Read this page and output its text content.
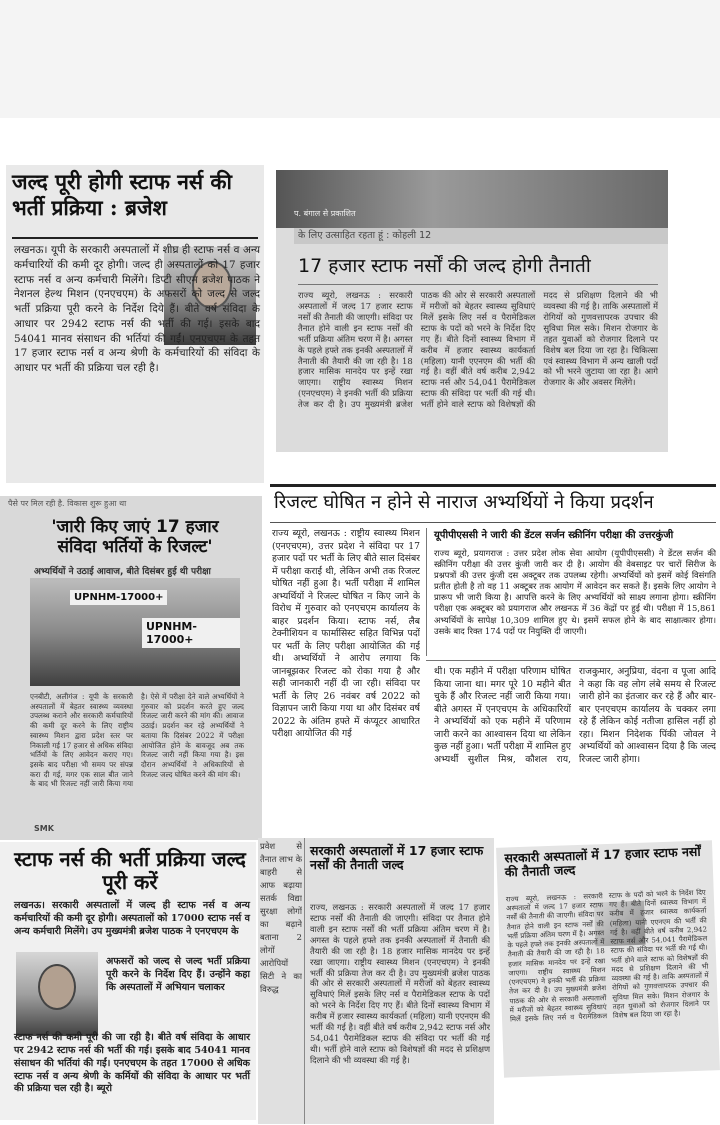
जल्द पूरी होगी स्टाफ नर्स की भर्ती प्रक्रिया : ब्रजेश

लखनऊ। यूपी के सरकारी अस्पतालों में शीघ्र ही स्टाफ नर्स व अन्य कर्मचारियों की कमी दूर होगी। जल्द ही अस्पतालों को 17 हजार स्टाफ नर्स व अन्य कर्मचारी मिलेंगे। डिप्टी सीएम ब्रजेश पाठक ने नेशनल हेल्थ मिशन (एनएचएम) के अफसरों को जल्द से जल्द भर्ती प्रक्रिया पूरी करने के निर्देश दिये हैं। बीते वर्ष संविदा के आधार पर 2942 स्टाफ नर्स की भर्ती की गई। इसके बाद 54041 मानव संसाधन की भर्तियां की गईं। एनएचएम के तहत 17 हजार स्टाफ नर्स व अन्य श्रेणी के कर्मचारियों की संविदा के आधार पर भर्ती की प्रक्रिया चल रही है।

प. बंगाल से प्रकाशित
के लिए उत्साहित रहता हूं : कोहली 12
17 हजार स्टाफ नर्सों की जल्द होगी तैनाती

राज्य ब्यूरो, लखनऊ : सरकारी अस्पतालों में जल्द 17 हजार स्टाफ नर्सों की तैनाती की जाएगी। संविदा पर तैनात होने वाली इन स्टाफ नर्सों की भर्ती प्रक्रिया अंतिम चरण में है। अगस्त के पहले हफ्ते तक इनकी अस्पतालों में तैनाती की तैयारी की जा रही है। 18 हजार मासिक मानदेय पर इन्हें रखा जाएगा। राष्ट्रीय स्वास्थ्य मिशन (एनएचएम) ने इनकी भर्ती की प्रक्रिया तेज कर दी है। उप मुख्यमंत्री ब्रजेश पाठक की ओर से सरकारी अस्पतालों में मरीजों को बेहतर स्वास्थ्य सुविधाएं मिलें इसके लिए नर्स व पैरामेडिकल स्टाफ के पदों को भरने के निर्देश दिए गए हैं। बीते दिनों स्वास्थ्य विभाग में करीब में हजार स्वास्थ्य कार्यकर्ता (महिला) यानी एएनएम की भर्ती की गई है। वहीं बीते वर्ष करीब 2,942 स्टाफ नर्स और 54,041 पैरामेडिकल स्टाफ की संविदा पर भर्ती की गई थी। भर्ती होने वाले स्टाफ को विशेषज्ञों की मदद से प्रशिक्षण दिलाने की भी व्यवस्था की गई है। ताकि अस्पतालों में रोगियों को गुणवत्तापरक उपचार की सुविधा मिल सके। मिशन रोजगार के तहत युवाओं को रोजगार दिलाने पर विशेष बल दिया जा रहा है। चिकित्सा एवं स्वास्थ्य विभाग में अन्य खाली पदों को भी भरने जुटाया जा रहा है। आगे रोजगार के और अवसर मिलेंगे।

पैसे पर मिल रही है. विकास शुरू हुआ था
'जारी किए जाएं 17 हजार संविदा भर्तियों के रिजल्ट'
अभ्यर्थियों ने उठाई आवाज, बीते दिसंबर हुई थी परीक्षा
UPNHM-17000+
UPNHM-17000+

एनबीटी, अलीगंज : यूपी के सरकारी अस्पतालों में बेहतर स्वास्थ्य व्यवस्था उपलब्ध कराने और सरकारी कर्मचारियों की कमी दूर करने के लिए राष्ट्रीय स्वास्थ्य मिशन द्वारा प्रदेश स्तर पर निकाली गई 17 हजार से अधिक संविदा भर्तियों के लिए आवेदन कराए गए। इसके बाद परीक्षा भी समय पर संपन्न करा दी गई, मगर एक साल बीत जाने के बाद भी रिजल्ट नहीं जारी किया गया है। ऐसे में परीक्षा देने वाले अभ्यर्थियों ने गुरुवार को प्रदर्शन करते हुए जल्द रिजल्ट जारी करने की मांग की। आवाज उठाई। प्रदर्शन कर रहे अभ्यर्थियों ने बताया कि दिसंबर 2022 में परीक्षा आयोजित होने के बावजूद अब तक रिजल्ट जारी नहीं किया गया है। इस दौरान अभ्यर्थियों ने अधिकारियों से रिजल्ट जल्द घोषित करने की मांग की।

SMK
रिजल्ट घोषित न होने से नाराज अभ्यर्थियों ने किया प्रदर्शन

राज्य ब्यूरो, लखनऊ : राष्ट्रीय स्वास्थ्य मिशन (एनएचएम), उत्तर प्रदेश ने संविदा पर 17 हजार पदों पर भर्ती के लिए बीते साल दिसंबर में परीक्षा कराई थी, लेकिन अभी तक रिजल्ट घोषित नहीं हुआ है। भर्ती परीक्षा में शामिल अभ्यर्थियों ने रिजल्ट घोषित न किए जाने के विरोध में गुरुवार को एनएचएम कार्यालय के बाहर प्रदर्शन किया। स्टाफ नर्स, लैब टेक्नीशियन व फार्मासिस्ट सहित विभिन्न पदों पर भर्ती के लिए परीक्षा आयोजित की गई थी। अभ्यर्थियों ने आरोप लगाया कि जानबूझकर रिजल्ट को रोका गया है और सही जानकारी नहीं दी जा रही। संविदा पर भर्ती के लिए 26 नवंबर वर्ष 2022 को विज्ञापन जारी किया गया था और दिसंबर वर्ष 2022 के अंतिम हफ्ते में कंप्यूटर आधारित परीक्षा आयोजित की गई

यूपीपीएससी ने जारी की डेंटल सर्जन स्क्रीनिंग परीक्षा की उत्तरकुंजी

राज्य ब्यूरो, प्रयागराज : उत्तर प्रदेश लोक सेवा आयोग (यूपीपीएससी) ने डेंटल सर्जन की स्क्रीनिंग परीक्षा की उत्तर कुंजी जारी कर दी है। आयोग की वेबसाइट पर चारों सिरीज के प्रश्नपत्रों की उत्तर कुंजी दस अक्टूबर तक उपलब्ध रहेगी। अभ्यर्थियों को इसमें कोई विसंगति प्रतीत होती है तो वह 11 अक्टूबर तक आयोग में आवेदन कर सकते हैं। इसके लिए आयोग ने प्रारूप भी जारी किया है। आपत्ति करने के लिए अभ्यर्थियों को साक्ष्य लगाना होगा। स्क्रीनिंग परीक्षा एक अक्टूबर को प्रयागराज और लखनऊ में 36 केंद्रों पर हुई थी। परीक्षा में 15,861 अभ्यर्थियों के सापेक्ष 10,309 शामिल हुए थे। इसमें सफल होने के बाद साक्षात्कार होगा। उसके बाद रिक्त 174 पदों पर नियुक्ति दी जाएगी।

थी। एक महीने में परीक्षा परिणाम घोषित किया जाना था। मगर पूरे 10 महीने बीत चुके हैं और रिजल्ट नहीं जारी किया गया। बीते अगस्त में एनएचएम के अधिकारियों ने अभ्यर्थियों को एक महीने में परिणाम जारी करने का आश्वासन दिया था लेकिन कुछ नहीं हुआ। भर्ती परीक्षा में शामिल हुए अभ्यर्थी सुशील मिश्र, कौशल राय, राजकुमार, अनुप्रिया, वंदना व पूजा आदि ने कहा कि वह लोग लंबे समय से रिजल्ट जारी होने का इंतजार कर रहे हैं और बार-बार एनएचएम कार्यालय के चक्कर लगा रहे हैं लेकिन कोई नतीजा हासिल नहीं हो रहा। मिशन निदेशक पिंकी जोवल ने अभ्यर्थियों को आश्वासन दिया है कि जल्द रिजल्ट जारी होगा।

स्टाफ नर्स की भर्ती प्रक्रिया जल्द पूरी करें

लखनऊ। सरकारी अस्पतालों में जल्द ही स्टाफ नर्स व अन्य कर्मचारियों की कमी दूर होगी। अस्पतालों को 17000 स्टाफ नर्स व अन्य कर्मचारी मिलेंगे। उप मुख्यमंत्री ब्रजेश पाठक ने एनएचएम के

अफसरों को जल्द से जल्द भर्ती प्रक्रिया पूरी करने के निर्देश दिए हैं। उन्होंने कहा कि अस्पतालों में अभियान चलाकर

स्टाफ नर्स की कमी पूरी की जा रही है। बीते वर्ष संविदा के आधार पर 2942 स्टाफ नर्स की भर्ती की गई। इसके बाद 54041 मानव संसाधन की भर्तियां की गईं। एनएचएम के तहत 17000 से अधिक स्टाफ नर्स व अन्य श्रेणी के कर्मियों की संविदा के आधार पर भर्ती की प्रक्रिया चल रही है। ब्यूरो

प्रवेश से तैनात लाभ के बाहरी से आफ बढ़ाया सतर्क विद्या सुरक्षा लोगों का बढ़ाने बताना 2 लोगों आरोपियों सिटी ने का विरुद्ध

सरकारी अस्पतालों में 17 हजार स्टाफ नर्सों की तैनाती जल्द

राज्य, लखनऊ : सरकारी अस्पतालों में जल्द 17 हजार स्टाफ नर्सों की तैनाती की जाएगी। संविदा पर तैनात होने वाली इन स्टाफ नर्सों की भर्ती प्रक्रिया अंतिम चरण में है। अगस्त के पहले हफ्ते तक इनकी अस्पतालों में तैनाती की तैयारी की जा रही है। 18 हजार मासिक मानदेय पर इन्हें रखा जाएगा। राष्ट्रीय स्वास्थ्य मिशन (एनएचएम) ने इनकी भर्ती की प्रक्रिया तेज कर दी है। उप मुख्यमंत्री ब्रजेश पाठक की ओर से सरकारी अस्पतालों में मरीजों को बेहतर स्वास्थ्य सुविधाएं मिलें इसके लिए नर्स व पैरामेडिकल स्टाफ के पदों को भरने के निर्देश दिए गए हैं। बीते दिनों स्वास्थ्य विभाग में करीब में हजार स्वास्थ्य कार्यकर्ता (महिला) यानी एएनएम की भर्ती की गई है। वहीं बीते वर्ष करीब 2,942 स्टाफ नर्स और 54,041 पैरामेडिकल स्टाफ की संविदा पर भर्ती की गई थी। भर्ती होने वाले स्टाफ को विशेषज्ञों की मदद से प्रशिक्षण दिलाने की भी व्यवस्था की गई है।

सरकारी अस्पतालों में 17 हजार स्टाफ नर्सों की तैनाती जल्द

राज्य ब्यूरो, लखनऊ : सरकारी अस्पतालों में जल्द 17 हजार स्टाफ नर्सों की तैनाती की जाएगी। संविदा पर तैनात होने वाली इन स्टाफ नर्सों की भर्ती प्रक्रिया अंतिम चरण में है। अगस्त के पहले हफ्ते तक इनकी अस्पतालों में तैनाती की तैयारी की जा रही है। 18 हजार मासिक मानदेय पर इन्हें रखा जाएगा। राष्ट्रीय स्वास्थ्य मिशन (एनएचएम) ने इनकी भर्ती की प्रक्रिया तेज कर दी है। उप मुख्यमंत्री ब्रजेश पाठक की ओर से सरकारी अस्पतालों में मरीजों को बेहतर स्वास्थ्य सुविधाएं मिलें इसके लिए नर्स व पैरामेडिकल स्टाफ के पदों को भरने के निर्देश दिए गए हैं। बीते दिनों स्वास्थ्य विभाग में करीब में हजार स्वास्थ्य कार्यकर्ता (महिला) यानी एएनएम की भर्ती की गई है। वहीं बीते वर्ष करीब 2,942 स्टाफ नर्स और 54,041 पैरामेडिकल स्टाफ की संविदा पर भर्ती की गई थी। भर्ती होने वाले स्टाफ को विशेषज्ञों की मदद से प्रशिक्षण दिलाने की भी व्यवस्था की गई है। ताकि अस्पतालों में रोगियों को गुणवत्तापरक उपचार की सुविधा मिल सके। मिशन रोजगार के तहत युवाओं को रोजगार दिलाने पर विशेष बल दिया जा रहा है।
